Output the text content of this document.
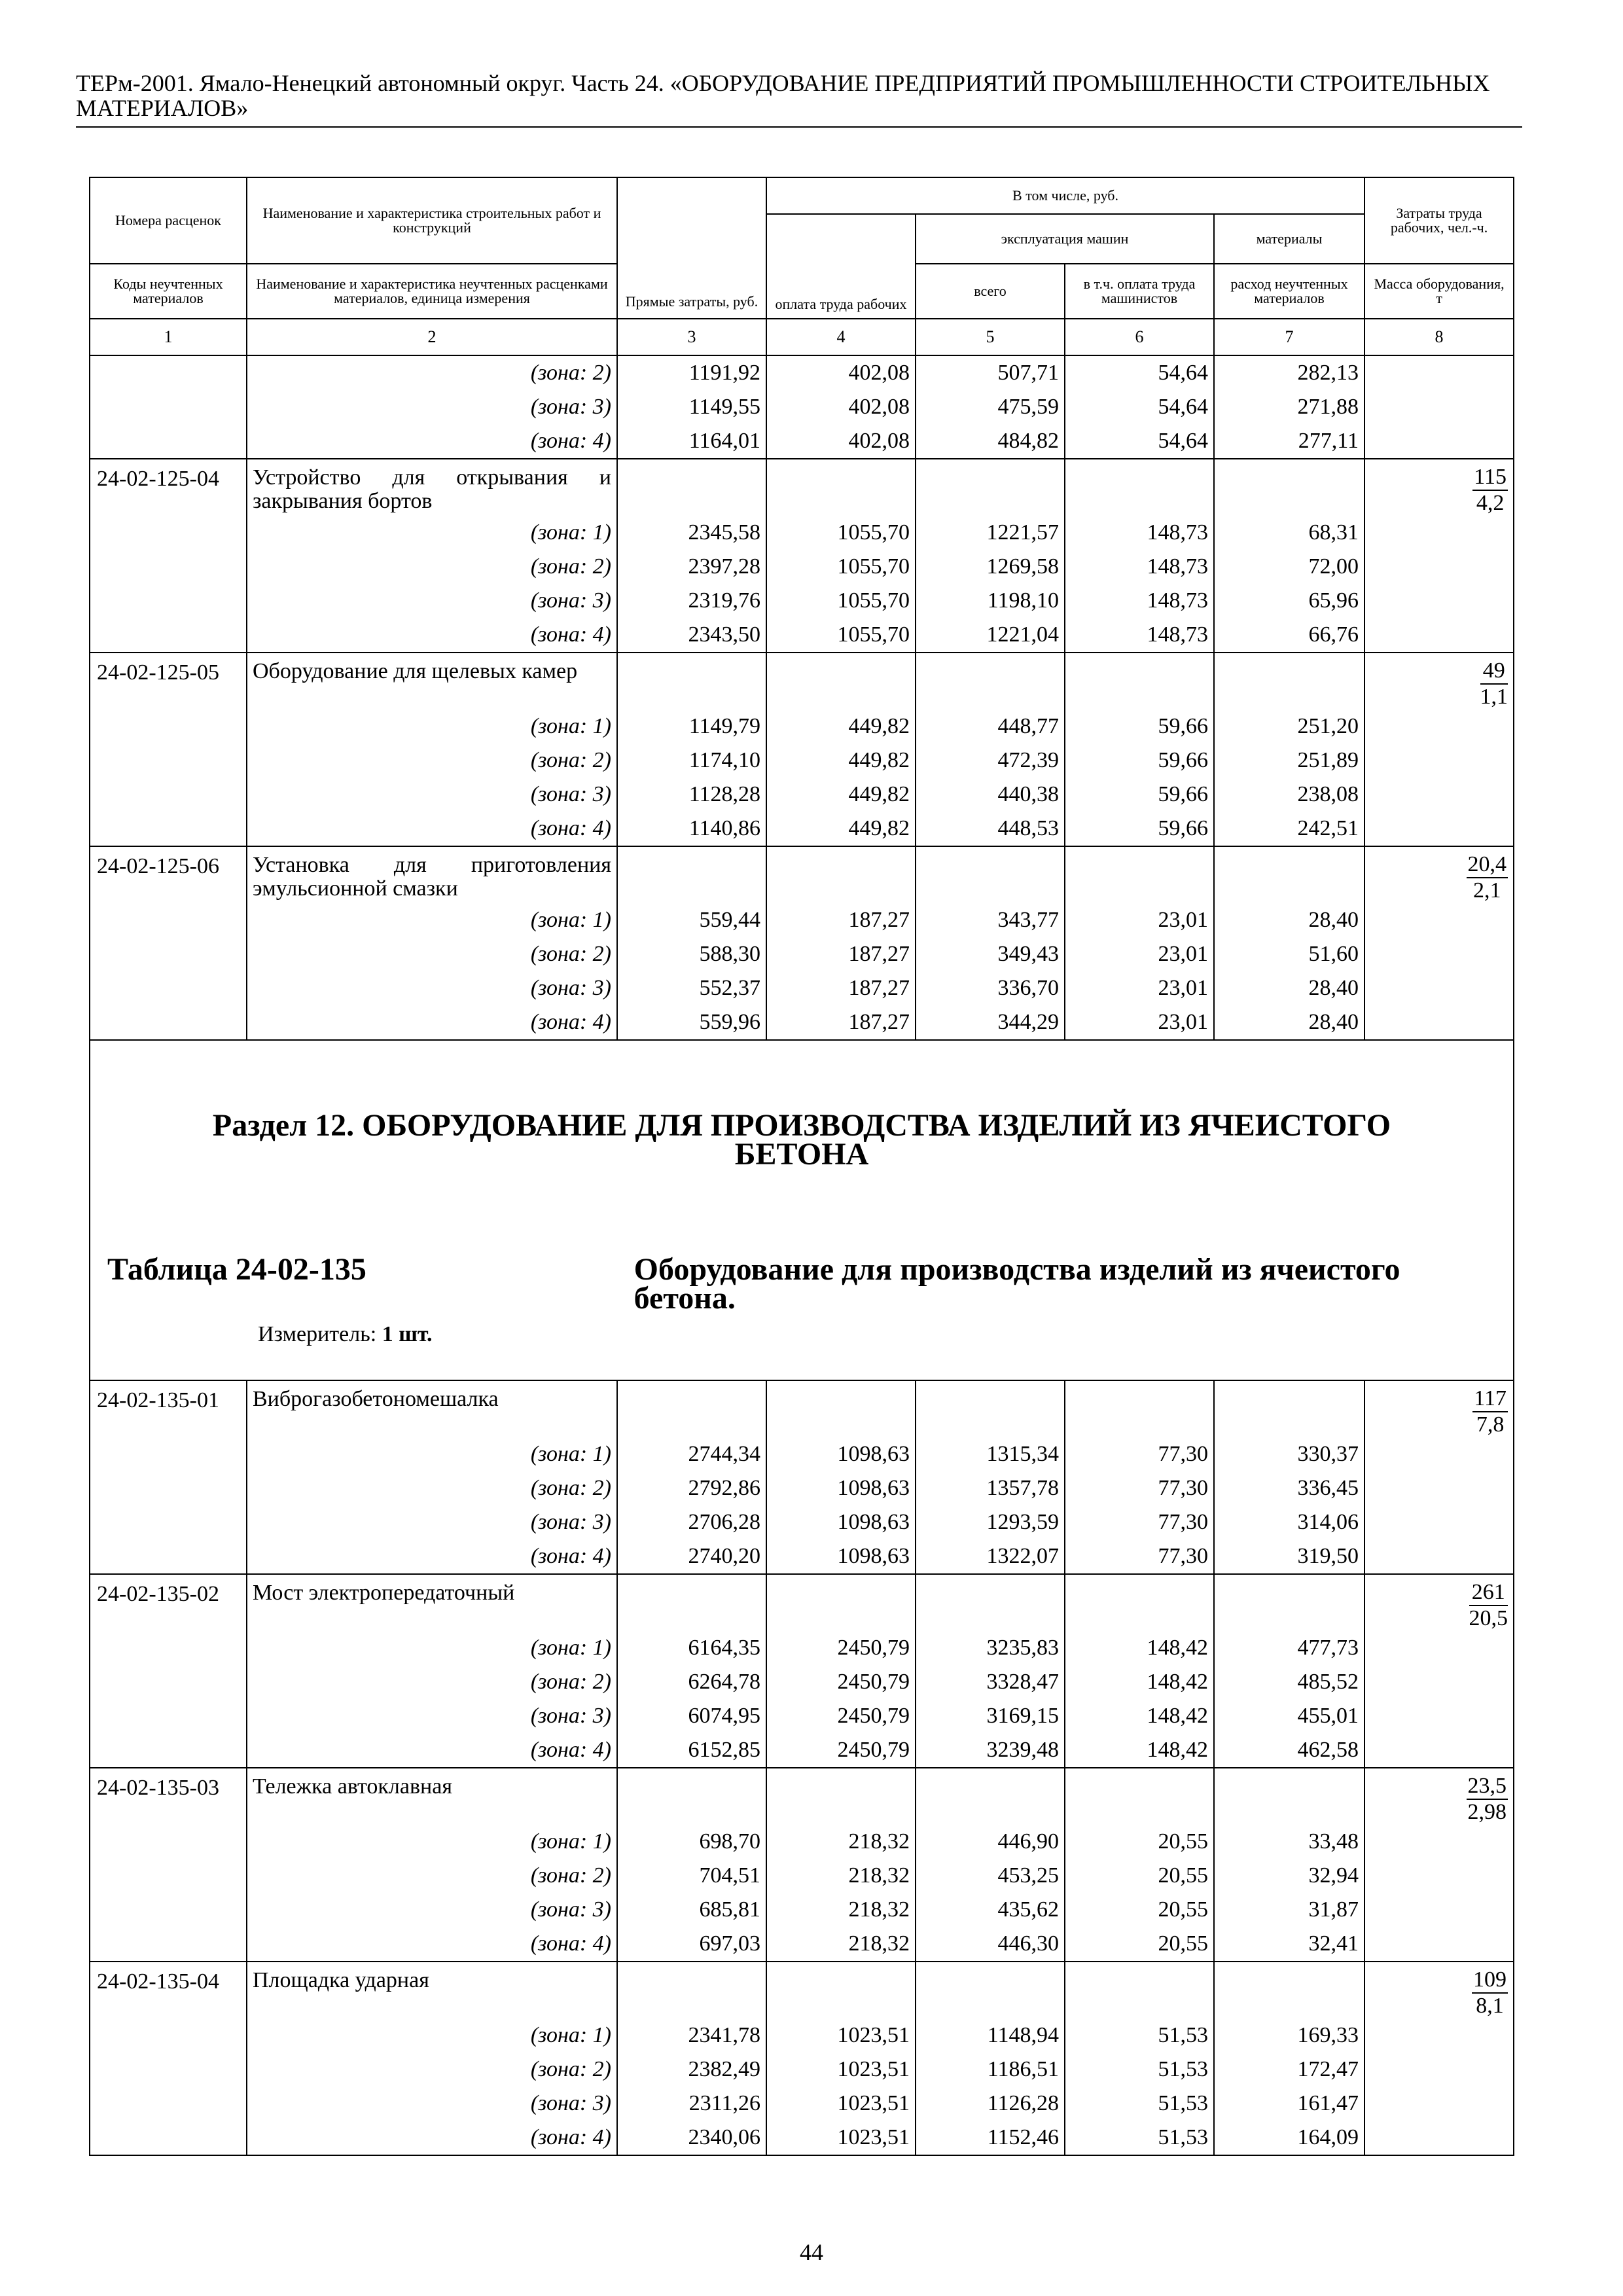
ТЕРм-2001. Ямало-Ненецкий автономный округ. Часть 24. «ОБОРУДОВАНИЕ ПРЕДПРИЯТИЙ ПРОМЫШЛЕННОСТИ СТРОИТЕЛЬНЫХ МАТЕРИАЛОВ»
Номера расценок	Наименование и характеристика строительных работ и конструкций	Прямые затраты, руб.	В том числе, руб.				Затраты труда рабочих, чел.-ч.
			оплата труда рабочих	эксплуатация машин		материалы	
Коды неучтенных материалов	Наименование и характеристика неучтенных расценками материалов, единица измерения			всего	в т.ч. оплата труда машинистов	расход неучтенных материалов	Масса оборудования, т
1	2	3	4	5	6	7	8
	(зона: 2)	1191,92	402,08	507,71	54,64	282,13	
	(зона: 3)	1149,55	402,08	475,59	54,64	271,88	
	(зона: 4)	1164,01	402,08	484,82	54,64	277,11	
24-02-125-04	Устройство для открывания и закрывания бортов						$\frac{115}{4,2}$

	(зона: 1)	2345,58	1055,70	1221,57	148,73	68,31	
	(зона: 2)	2397,28	1055,70	1269,58	148,73	72,00	
	(зона: 3)	2319,76	1055,70	1198,10	148,73	65,96	
	(зона: 4)	2343,50	1055,70	1221,04	148,73	66,76	
24-02-125-05	Оборудование для щелевых камер						$\frac{49}{1,1}$

	(зона: 1)	1149,79	449,82	448,77	59,66	251,20	
	(зона: 2)	1174,10	449,82	472,39	59,66	251,89	
	(зона: 3)	1128,28	449,82	440,38	59,66	238,08	
	(зона: 4)	1140,86	449,82	448,53	59,66	242,51	
24-02-125-06	Установка для приготовления эмульсионной смазки						$\frac{20,4}{2,1}$

	(зона: 1)	559,44	187,27	343,77	23,01	28,40	
	(зона: 2)	588,30	187,27	349,43	23,01	51,60	
	(зона: 3)	552,37	187,27	336,70	23,01	28,40	
	(зона: 4)	559,96	187,27	344,29	23,01	28,40	
Раздел 12. ОБОРУДОВАНИЕ ДЛЯ ПРОИЗВОДСТВА ИЗДЕЛИЙ ИЗ ЯЧЕИСТОГО БЕТОНА							

Таблица 24-02-135 Оборудование для производства изделий из ячеистого бетона.
Измеритель: 1 шт.							

24-02-135-01	Виброгазобетономешалка						$\frac{117}{7,8}$

	(зона: 1)	2744,34	1098,63	1315,34	77,30	330,37	
	(зона: 2)	2792,86	1098,63	1357,78	77,30	336,45	
	(зона: 3)	2706,28	1098,63	1293,59	77,30	314,06	
	(зона: 4)	2740,20	1098,63	1322,07	77,30	319,50	
24-02-135-02	Мост электропередаточный						$\frac{261}{20,5}$

	(зона: 1)	6164,35	2450,79	3235,83	148,42	477,73	
	(зона: 2)	6264,78	2450,79	3328,47	148,42	485,52	
	(зона: 3)	6074,95	2450,79	3169,15	148,42	455,01	
	(зона: 4)	6152,85	2450,79	3239,48	148,42	462,58	
24-02-135-03	Тележка автоклавная						$\frac{23,5}{2,98}$

	(зона: 1)	698,70	218,32	446,90	20,55	33,48	
	(зона: 2)	704,51	218,32	453,25	20,55	32,94	
	(зона: 3)	685,81	218,32	435,62	20,55	31,87	
	(зона: 4)	697,03	218,32	446,30	20,55	32,41	
24-02-135-04	Площадка ударная						$\frac{109}{8,1}$

	(зона: 1)	2341,78	1023,51	1148,94	51,53	169,33	
	(зона: 2)	2382,49	1023,51	1186,51	51,53	172,47	
	(зона: 3)	2311,26	1023,51	1126,28	51,53	161,47	
	(зона: 4)	2340,06	1023,51	1152,46	51,53	164,09	
44
